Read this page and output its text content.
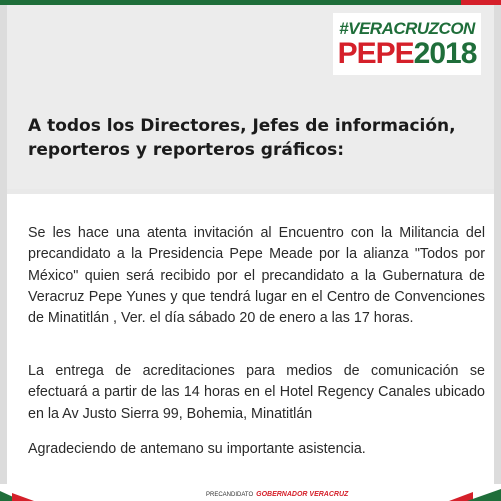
#VERACRUZCON
PEPE2018
A todos los Directores, Jefes de información, reporteros y reporteros gráficos:

Se les hace una atenta invitación al Encuentro con la Militancia del precandidato a la Presidencia Pepe Meade por la alianza "Todos por México" quien será recibido por el precandidato a la Gubernatura de Veracruz Pepe Yunes y que tendrá lugar en el Centro de Convenciones de Minatitlán , Ver. el día sábado 20 de enero a las 17 horas.

La entrega de acreditaciones para medios de comunicación se efectuará a partir de las 14 horas en el Hotel Regency Canales ubicado en la Av Justo Sierra 99, Bohemia, Minatitlán

Agradeciendo de antemano su importante asistencia.

PRECANDIDATO GOBERNADOR VERACRUZ
